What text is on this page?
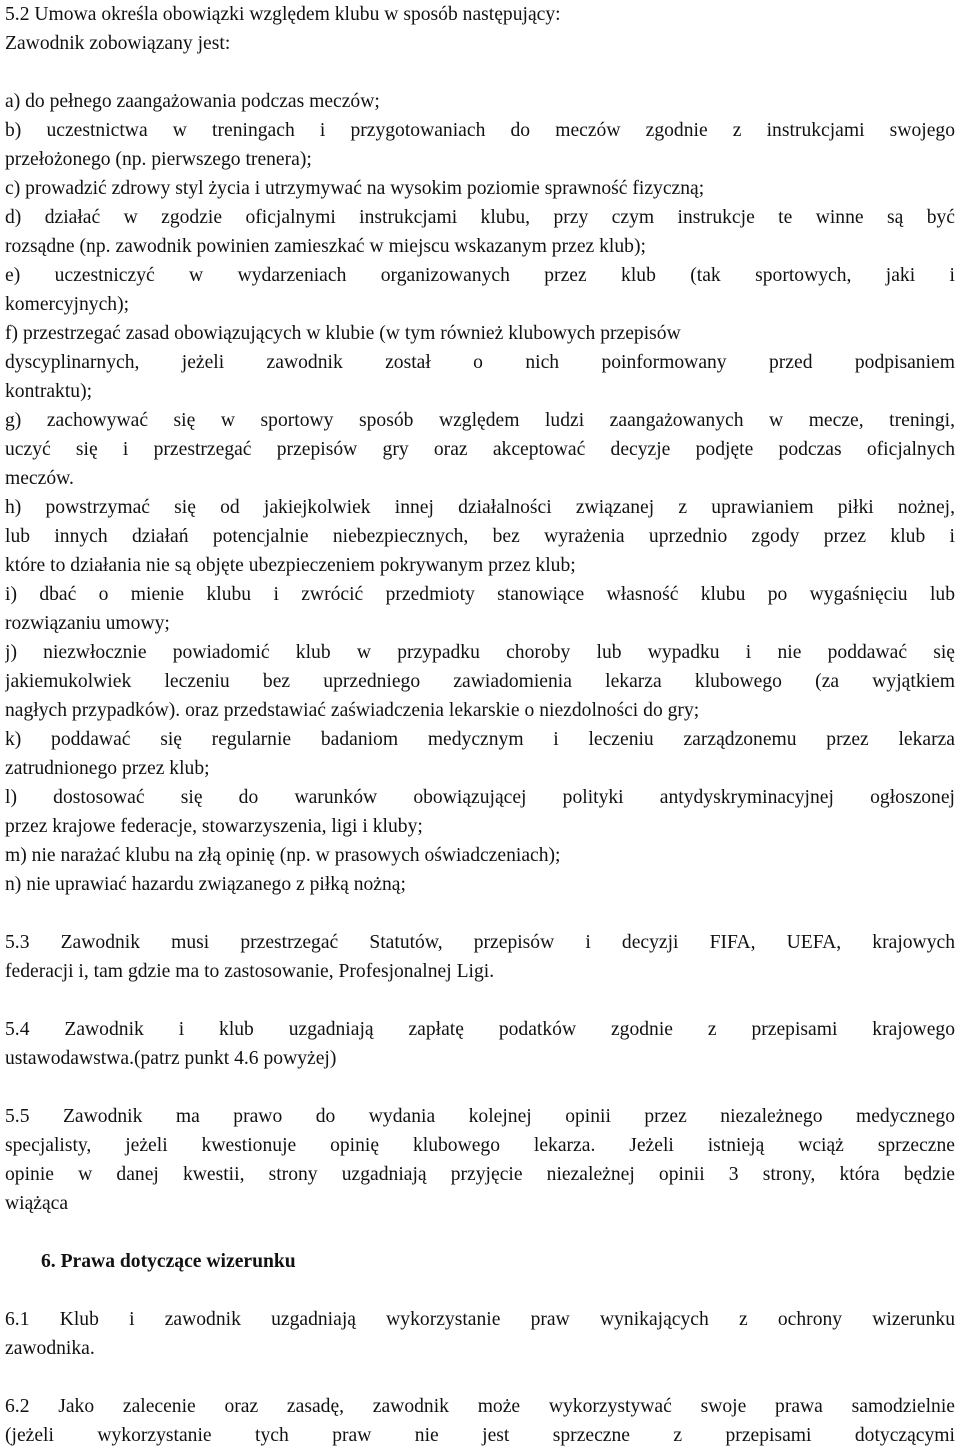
5.2 Umowa określa obowiązki względem klubu w sposób następujący:
Zawodnik zobowiązany jest:
a) do pełnego zaangażowania podczas meczów;
b) uczestnictwa w treningach i przygotowaniach do meczów zgodnie z instrukcjami swojego
przełożonego (np. pierwszego trenera);
c) prowadzić zdrowy styl życia i utrzymywać na wysokim poziomie sprawność fizyczną;
d) działać w zgodzie oficjalnymi instrukcjami klubu, przy czym instrukcje te winne są być
rozsądne (np. zawodnik powinien zamieszkać w miejscu wskazanym przez klub);
e) uczestniczyć w wydarzeniach organizowanych przez klub (tak sportowych, jaki i
komercyjnych);
f) przestrzegać zasad obowiązujących w klubie (w tym również klubowych przepisów
dyscyplinarnych, jeżeli zawodnik został o nich poinformowany przed podpisaniem
kontraktu);
g) zachowywać się w sportowy sposób względem ludzi zaangażowanych w mecze, treningi,
uczyć się i przestrzegać przepisów gry oraz akceptować decyzje podjęte podczas oficjalnych
meczów.
h) powstrzymać się od jakiejkolwiek innej działalności związanej z uprawianiem piłki nożnej,
lub innych działań potencjalnie niebezpiecznych, bez wyrażenia uprzednio zgody przez klub i
które to działania nie są objęte ubezpieczeniem pokrywanym przez klub;
i) dbać o mienie klubu i zwrócić przedmioty stanowiące własność klubu po wygaśnięciu lub
rozwiązaniu umowy;
j) niezwłocznie powiadomić klub w przypadku choroby lub wypadku i nie poddawać się
jakiemukolwiek leczeniu bez uprzedniego zawiadomienia lekarza klubowego (za wyjątkiem
nagłych przypadków). oraz przedstawiać zaświadczenia lekarskie o niezdolności do gry;
k) poddawać się regularnie badaniom medycznym i leczeniu zarządzonemu przez lekarza
zatrudnionego przez klub;
l) dostosować się do warunków obowiązującej polityki antydyskryminacyjnej ogłoszonej
przez krajowe federacje, stowarzyszenia, ligi i kluby;
m) nie narażać klubu na złą opinię (np. w prasowych oświadczeniach);
n) nie uprawiać hazardu związanego z piłką nożną;
5.3 Zawodnik musi przestrzegać Statutów, przepisów i decyzji FIFA, UEFA, krajowych
federacji i, tam gdzie ma to zastosowanie, Profesjonalnej Ligi.
5.4 Zawodnik i klub uzgadniają zapłatę podatków zgodnie z przepisami krajowego
ustawodawstwa.(patrz punkt 4.6 powyżej)
5.5 Zawodnik ma prawo do wydania kolejnej opinii przez niezależnego medycznego
specjalisty, jeżeli kwestionuje opinię klubowego lekarza. Jeżeli istnieją wciąż sprzeczne
opinie w danej kwestii, strony uzgadniają przyjęcie niezależnej opinii 3 strony, która będzie
wiążąca
6. Prawa dotyczące wizerunku
6.1 Klub i zawodnik uzgadniają wykorzystanie praw wynikających z ochrony wizerunku
zawodnika.
6.2 Jako zalecenie oraz zasadę, zawodnik może wykorzystywać swoje prawa samodzielnie
(jeżeli wykorzystanie tych praw nie jest sprzeczne z przepisami dotyczącymi
